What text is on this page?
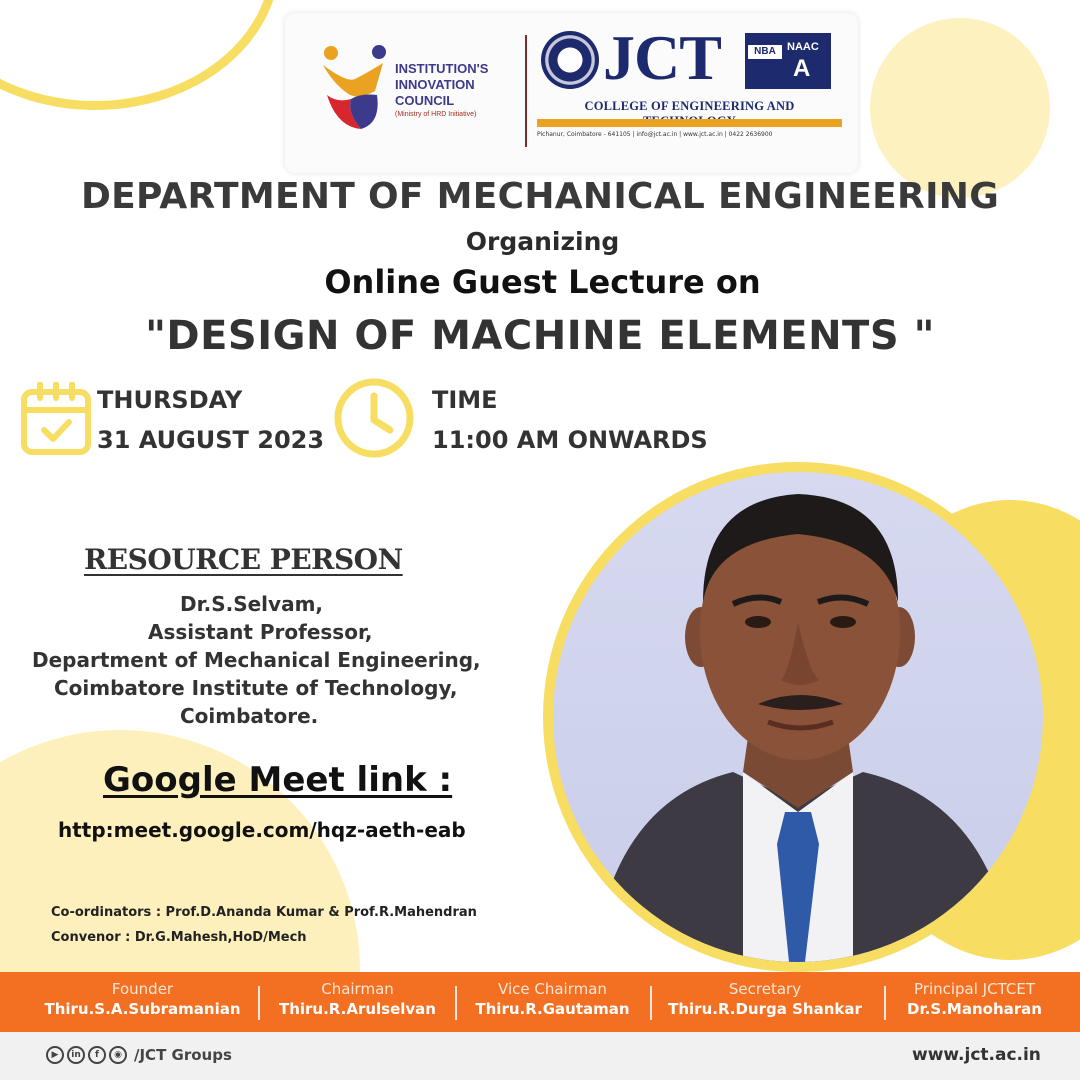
INSTITUTION'S
INNOVATION
COUNCIL
(Ministry of HRD Initiative)
JCT	NBA	NAAC
A
COLLEGE OF ENGINEERING AND
Pichanur, Coimbatore - 641105 | info@jct.ac.in | www.jct.ac.in | 0422 2636900
DEPARTMENT OF MECHANICAL ENGINEERING
Organizing
Online Guest Lecture on
"DESIGN OF MACHINE ELEMENTS "
THURSDAY
31 AUGUST 2023
TIME
11:00 AM ONWARDS
RESOURCE PERSON
Dr.S.Selvam,
Assistant Professor,
Department of Mechanical Engineering,
Coimbatore Institute of Technology,
Coimbatore.
Google Meet link :
http:meet.google.com/hqz-aeth-eab
Co-ordinators : Prof.D.Ananda Kumar & Prof.R.Mahendran
Convenor : Dr.G.Mahesh,HoD/Mech
Founder
Thiru.S.A.Subramanian
Chairman
Thiru.R.Arulselvan
Vice Chairman
Thiru.R.Gautaman
Secretary
Thiru.R.Durga Shankar
Principal JCTCET
Dr.S.Manoharan
▶	in	f	◉ /JCT Groups	www.jct.ac.in
